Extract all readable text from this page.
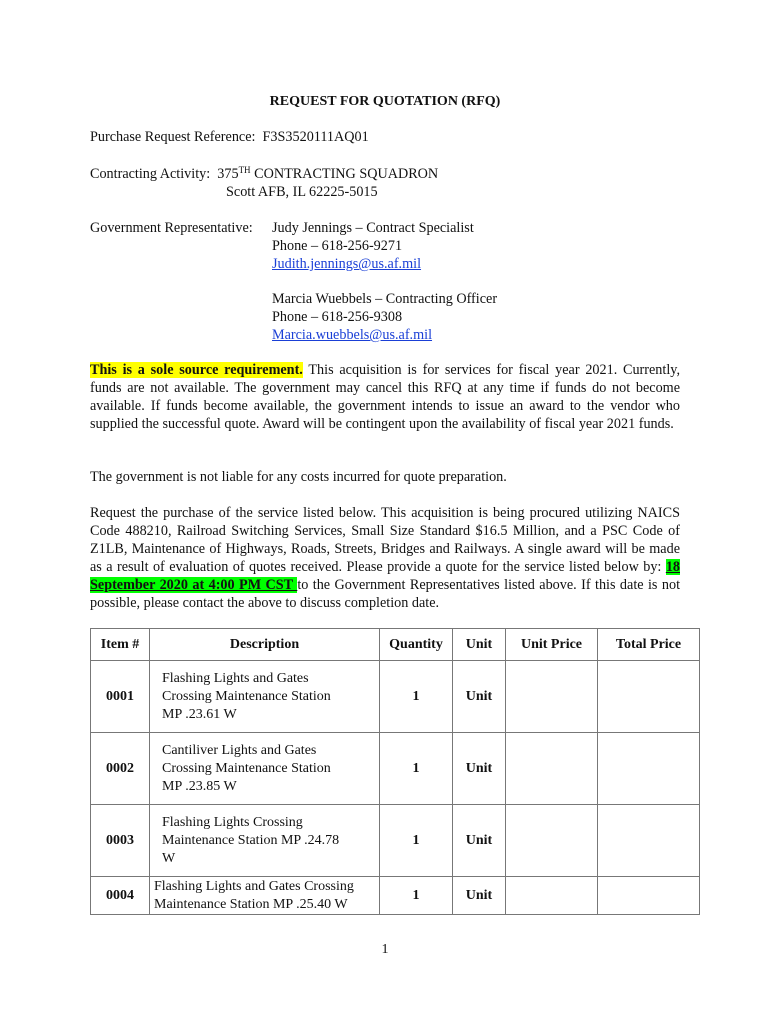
REQUEST FOR QUOTATION (RFQ)
Purchase Request Reference: F3S3520111AQ01
Contracting Activity: 375TH CONTRACTING SQUADRON
Scott AFB, IL 62225-5015
Government Representative: Judy Jennings – Contract Specialist
Phone – 618-256-9271
Judith.jennings@us.af.mil
Marcia Wuebbels – Contracting Officer
Phone – 618-256-9308
Marcia.wuebbels@us.af.mil
This is a sole source requirement. This acquisition is for services for fiscal year 2021. Currently, funds are not available. The government may cancel this RFQ at any time if funds do not become available. If funds become available, the government intends to issue an award to the vendor who supplied the successful quote. Award will be contingent upon the availability of fiscal year 2021 funds.
The government is not liable for any costs incurred for quote preparation.
Request the purchase of the service listed below. This acquisition is being procured utilizing NAICS Code 488210, Railroad Switching Services, Small Size Standard $16.5 Million, and a PSC Code of Z1LB, Maintenance of Highways, Roads, Streets, Bridges and Railways. A single award will be made as a result of evaluation of quotes received. Please provide a quote for the service listed below by: 18 September 2020 at 4:00 PM CST to the Government Representatives listed above. If this date is not possible, please contact the above to discuss completion date.
Item #	Description	Quantity	Unit	Unit Price	Total Price
0001	Flashing Lights and Gates
Crossing Maintenance Station
MP .23.61 W	1	Unit		
0002	Cantiliver Lights and Gates
Crossing Maintenance Station
MP .23.85 W	1	Unit		
0003	Flashing Lights Crossing
Maintenance Station MP .24.78
W	1	Unit		
0004	Flashing Lights and Gates Crossing
Maintenance Station MP .25.40 W	1	Unit		
1
